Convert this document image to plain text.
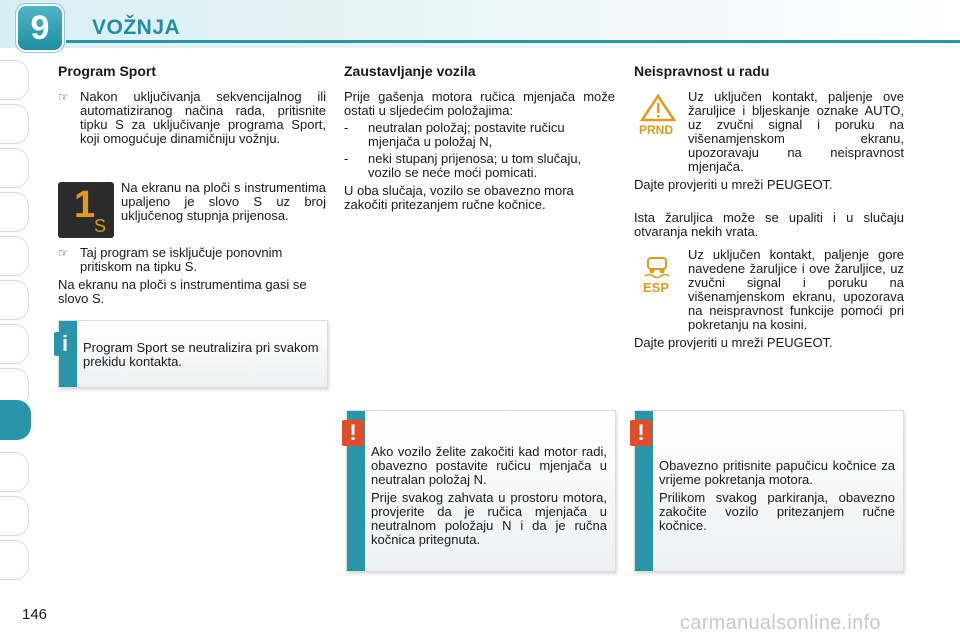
9	VOŽNJA
Program Sport
☞ Nakon uključivanja sekvencijalnog ili automatiziranog načina rada, pritisnite tipku S za uključivanje programa Sport, koji omogućuje dinamičniju vožnju.
1
S
Na ekranu na ploči s instrumentima upaljeno je slovo S uz broj uključenog stupnja prijenosa.
☞ Taj program se isključuje ponovnim pritiskom na tipku S.

Na ekranu na ploči s instrumentima gasi se slovo S.

Program Sport se neutralizira pri svakom prekidu kontakta.
i
Zaustavljanje vozila

Prije gašenja motora ručica mjenjača može ostati u sljedećim položajima:

-	neutralan položaj; postavite ručicu mjenjača u položaj N,
-	neki stupanj prijenosa; u tom slučaju, vozilo se neće moći pomicati.

U oba slučaja, vozilo se obavezno mora zakočiti pritezanjem ručne kočnice.

Ako vozilo želite zakočiti kad motor radi, obavezno postavite ručicu mjenjača u neutralan položaj N.

Prije svakog zahvata u prostoru motora, provjerite da je ručica mjenjača u neutralnom položaju N i da je ručna kočnica pritegnuta.

!
Neispravnost u radu
PRND
Uz uključen kontakt, paljenje ove žaruljice i bljeskanje oznake AUTO, uz zvučni signal i poruku na višenamjenskom ekranu, upozoravaju na neispravnost mjenjača.

Dajte provjeriti u mreži PEUGEOT.

Ista žaruljica može se upaliti i u slučaju otvaranja nekih vrata.
ESP
Uz uključen kontakt, paljenje gore navedene žaruljice i ove žaruljice, uz zvučni signal i poruku na višenamjenskom ekranu, upozorava na neispravnost funkcije pomoći pri pokretanju na kosini.

Dajte provjeriti u mreži PEUGEOT.

Obavezno pritisnite papučicu kočnice za vrijeme pokretanja motora.

Prilikom svakog parkiranja, obavezno zakočite vozilo pritezanjem ručne kočnice.

!
146	carmanualsonline.info
